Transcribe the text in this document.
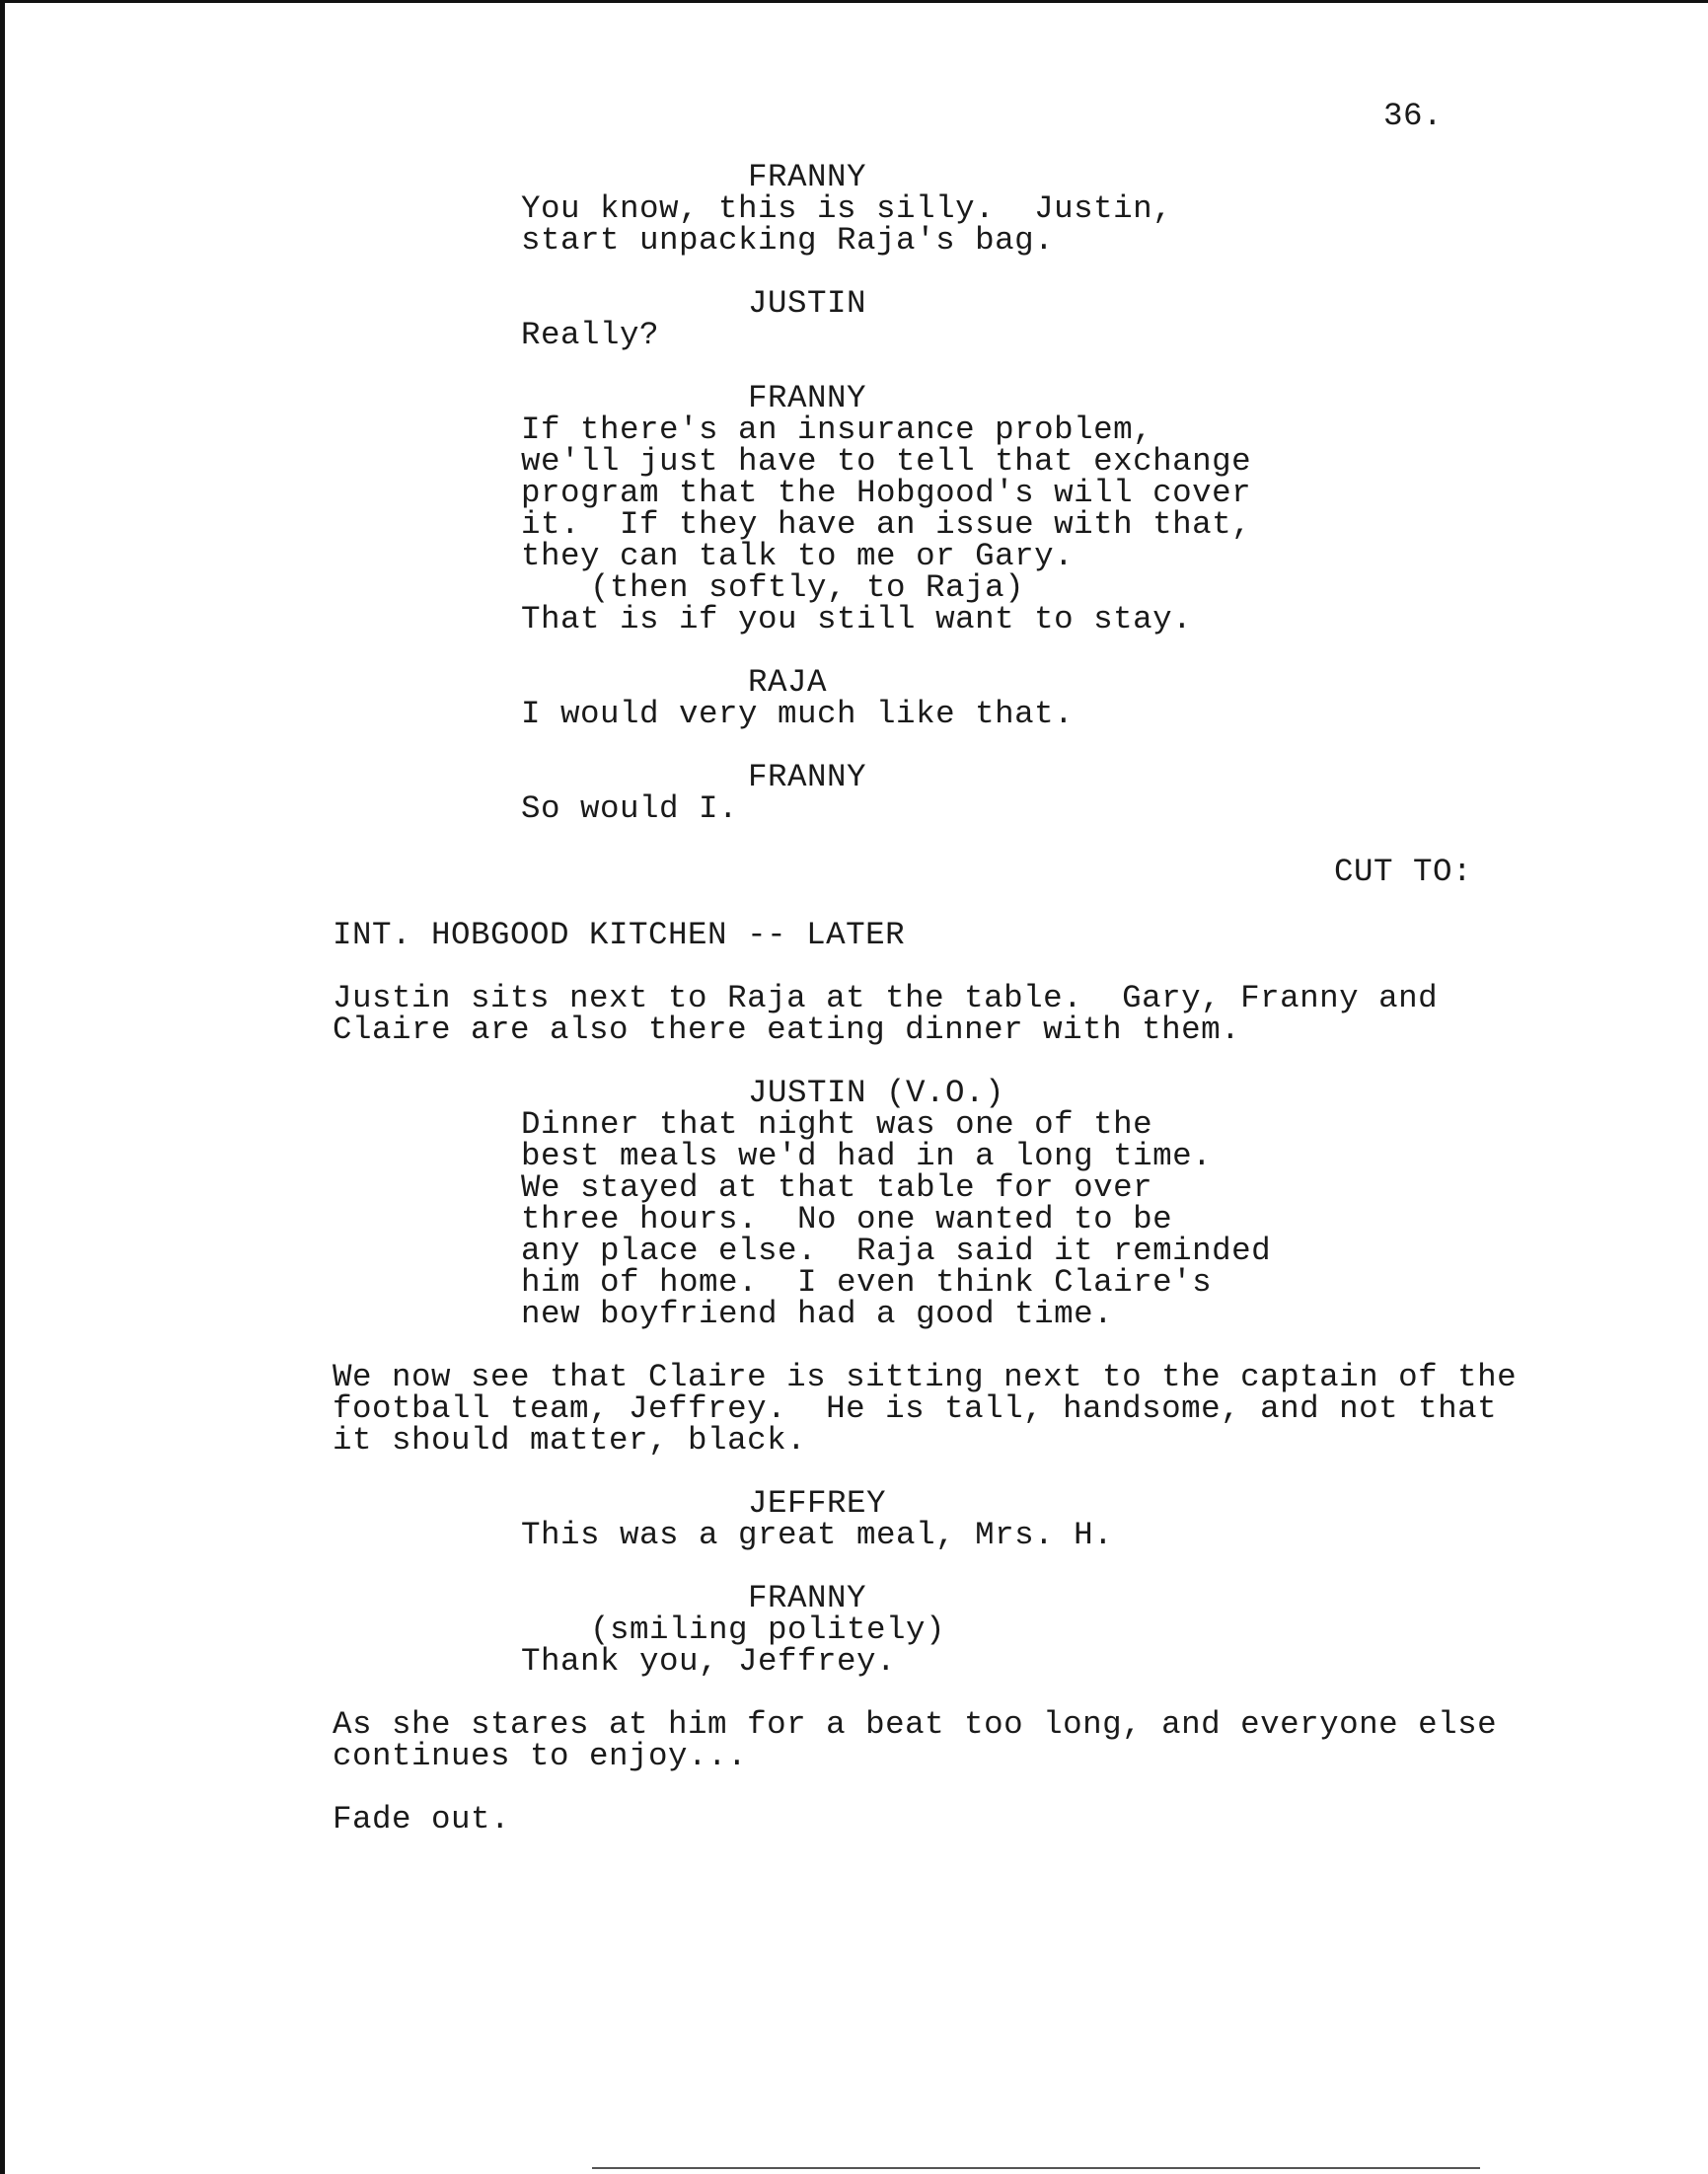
36.
FRANNY
You know, this is silly.  Justin,
start unpacking Raja's bag.
JUSTIN
Really?
FRANNY
If there's an insurance problem,
we'll just have to tell that exchange
program that the Hobgood's will cover
it.  If they have an issue with that,
they can talk to me or Gary.
(then softly, to Raja)
That is if you still want to stay.
RAJA
I would very much like that.
FRANNY
So would I.
CUT TO:
INT. HOBGOOD KITCHEN -- LATER
Justin sits next to Raja at the table.  Gary, Franny and
Claire are also there eating dinner with them.
JUSTIN (V.O.)
Dinner that night was one of the
best meals we'd had in a long time.
We stayed at that table for over
three hours.  No one wanted to be
any place else.  Raja said it reminded
him of home.  I even think Claire's
new boyfriend had a good time.
We now see that Claire is sitting next to the captain of the
football team, Jeffrey.  He is tall, handsome, and not that
it should matter, black.
JEFFREY
This was a great meal, Mrs. H.
FRANNY
(smiling politely)
Thank you, Jeffrey.
As she stares at him for a beat too long, and everyone else
continues to enjoy...
Fade out.
